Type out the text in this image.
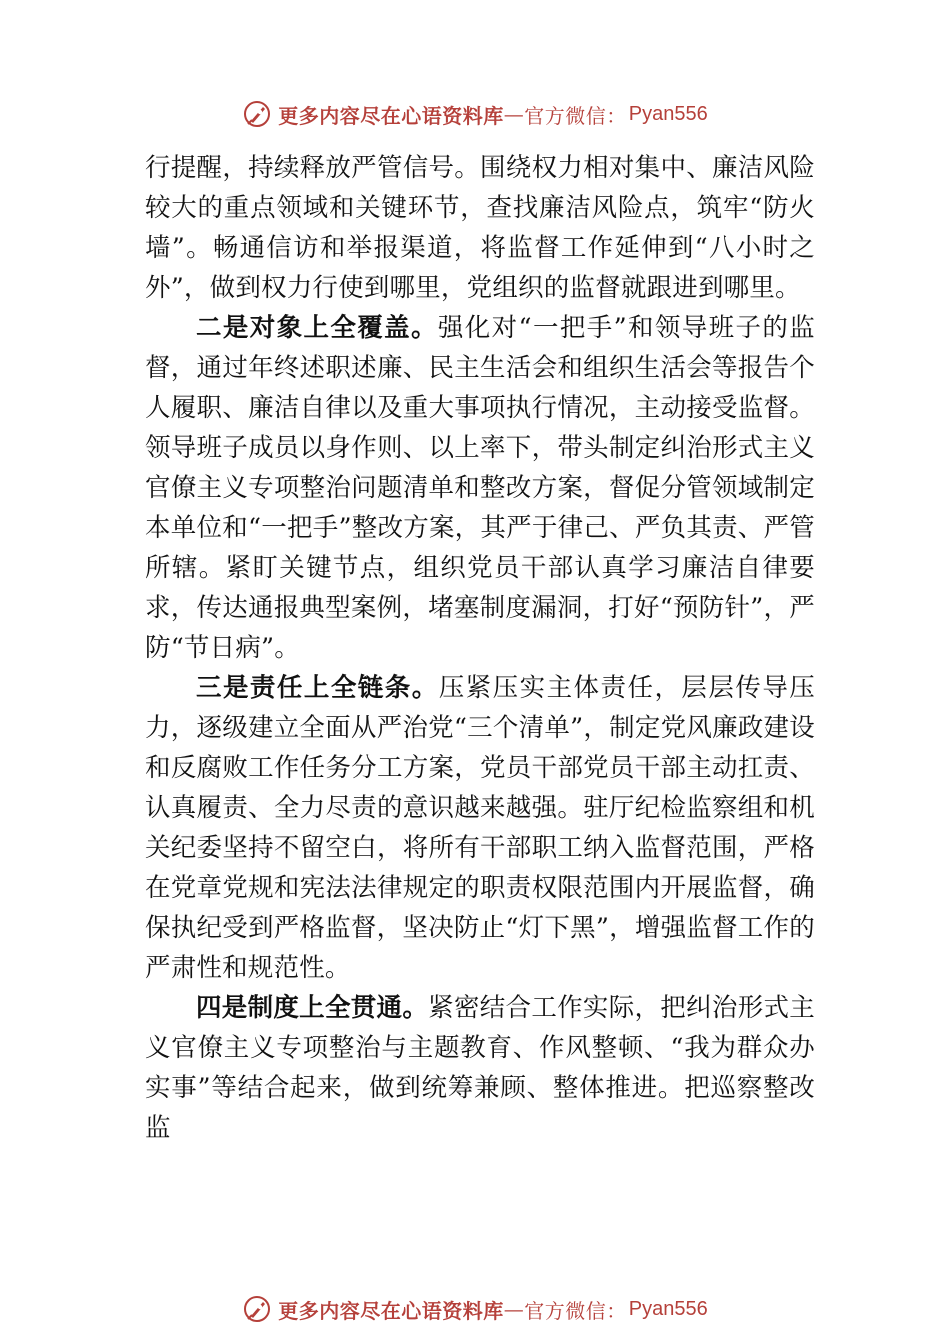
更多内容尽在心语资料库 — 官方微信： Pyan556

行提醒，持续释放严管信号。围绕权力相对集中、廉洁风险较大的重点领域和关键环节，查找廉洁风险点，筑牢“防火墙”。畅通信访和举报渠道，将监督工作延伸到“八小时之外”，做到权力行使到哪里，党组织的监督就跟进到哪里。

二是对象上全覆盖。强化对“一把手”和领导班子的监督，通过年终述职述廉、民主生活会和组织生活会等报告个人履职、廉洁自律以及重大事项执行情况，主动接受监督。 领导班子成员以身作则、以上率下，带头制定纠治形式主义官僚主义专项整治问题清单和整改方案，督促分管领域制定本单位和“一把手”整改方案，其严于律己、严负其责、严管所辖。紧盯关键节点，组织党员干部认真学习廉洁自律要求，传达通报典型案例，堵塞制度漏洞，打好“预防针”，严防“节日病”。

三是责任上全链条。压紧压实主体责任，层层传导压力，逐级建立全面从严治党“三个清单”，制定党风廉政建设和反腐败工作任务分工方案，党员干部党员干部主动扛责、认真履责、全力尽责的意识越来越强。驻厅纪检监察组和机关纪委坚持不留空白，将所有干部职工纳入监督范围，严格在党章党规和宪法法律规定的职责权限范围内开展监督，确保执纪受到严格监督，坚决防止“灯下黑”，增强监督工作的严肃性和规范性。

四是制度上全贯通。紧密结合工作实际，把纠治形式主义官僚主义专项整治与主题教育、作风整顿、“我为群众办实事”等结合起来，做到统筹兼顾、整体推进。把巡察整改监

更多内容尽在心语资料库 — 官方微信： Pyan556
